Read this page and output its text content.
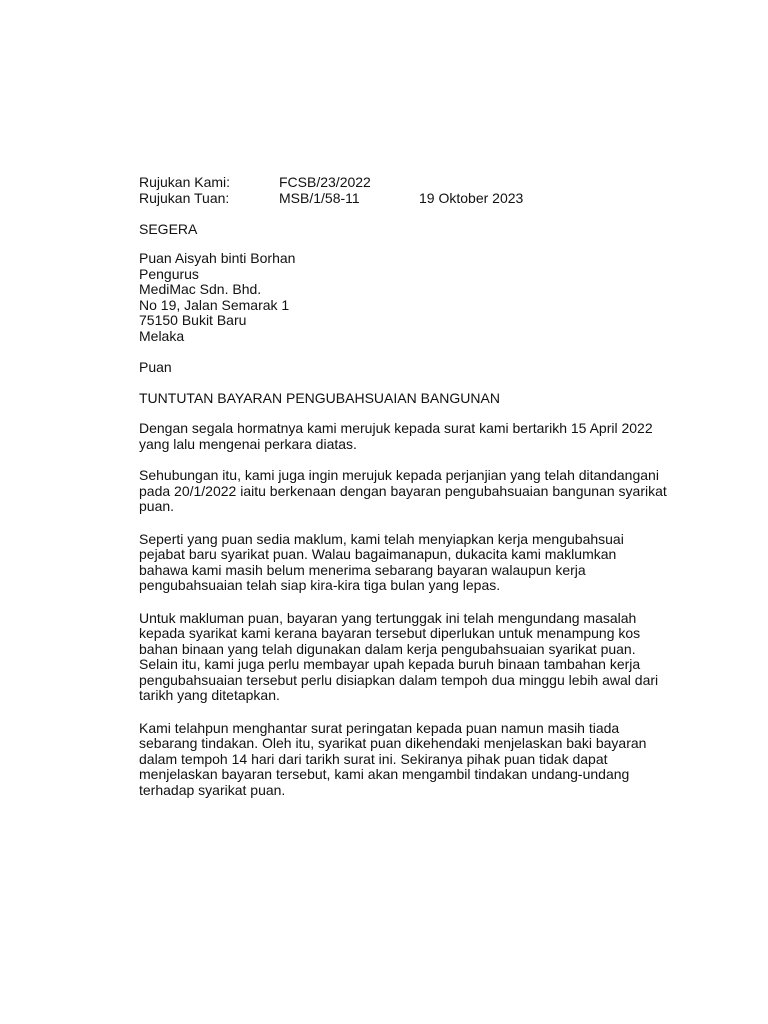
Rujukan Kami:	FCSB/23/2022
Rujukan Tuan:	MSB/1/58-11	19 Oktober 2023
SEGERA
Puan Aisyah binti Borhan
Pengurus
MediMac Sdn. Bhd.
No 19, Jalan Semarak 1
75150 Bukit Baru
Melaka
Puan
TUNTUTAN BAYARAN PENGUBAHSUAIAN BANGUNAN
Dengan segala hormatnya kami merujuk kepada surat kami bertarikh 15 April 2022
yang lalu mengenai perkara diatas.
Sehubungan itu, kami juga ingin merujuk kepada perjanjian yang telah ditandangani
pada 20/1/2022 iaitu berkenaan dengan bayaran pengubahsuaian bangunan syarikat
puan.
Seperti yang puan sedia maklum, kami telah menyiapkan kerja mengubahsuai
pejabat baru syarikat puan. Walau bagaimanapun, dukacita kami maklumkan
bahawa kami masih belum menerima sebarang bayaran walaupun kerja
pengubahsuaian telah siap kira-kira tiga bulan yang lepas.
Untuk makluman puan, bayaran yang tertunggak ini telah mengundang masalah
kepada syarikat kami kerana bayaran tersebut diperlukan untuk menampung kos
bahan binaan yang telah digunakan dalam kerja pengubahsuaian syarikat puan.
Selain itu, kami juga perlu membayar upah kepada buruh binaan tambahan kerja
pengubahsuaian tersebut perlu disiapkan dalam tempoh dua minggu lebih awal dari
tarikh yang ditetapkan.
Kami telahpun menghantar surat peringatan kepada puan namun masih tiada
sebarang tindakan. Oleh itu, syarikat puan dikehendaki menjelaskan baki bayaran
dalam tempoh 14 hari dari tarikh surat ini. Sekiranya pihak puan tidak dapat
menjelaskan bayaran tersebut, kami akan mengambil tindakan undang-undang
terhadap syarikat puan.
